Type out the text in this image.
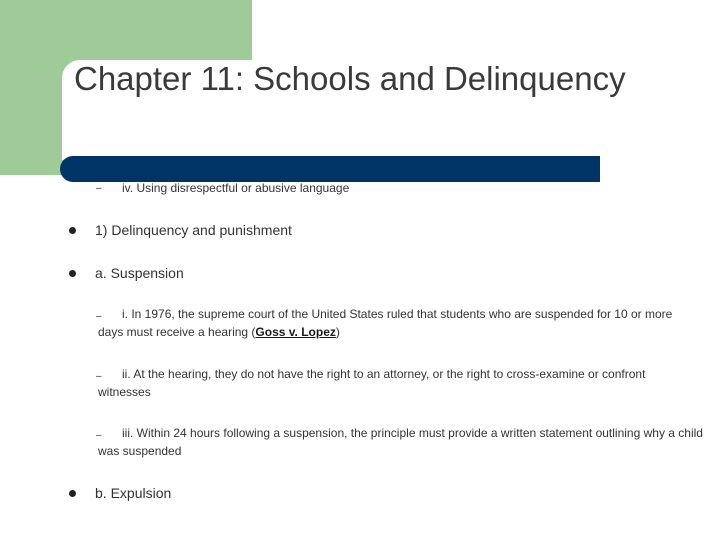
Chapter 11: Schools and Delinquency
– iv. Using disrespectful or abusive language
1) Delinquency and punishment
a. Suspension
–	i. In 1976, the supreme court of the United States ruled that students who are suspended for 10 or more days must receive a hearing (Goss v. Lopez)
–	ii. At the hearing, they do not have the right to an attorney, or the right to cross-examine or confront witnesses
–	iii. Within 24 hours following a suspension, the principle must provide a written statement outlining why a child was suspended
b. Expulsion
